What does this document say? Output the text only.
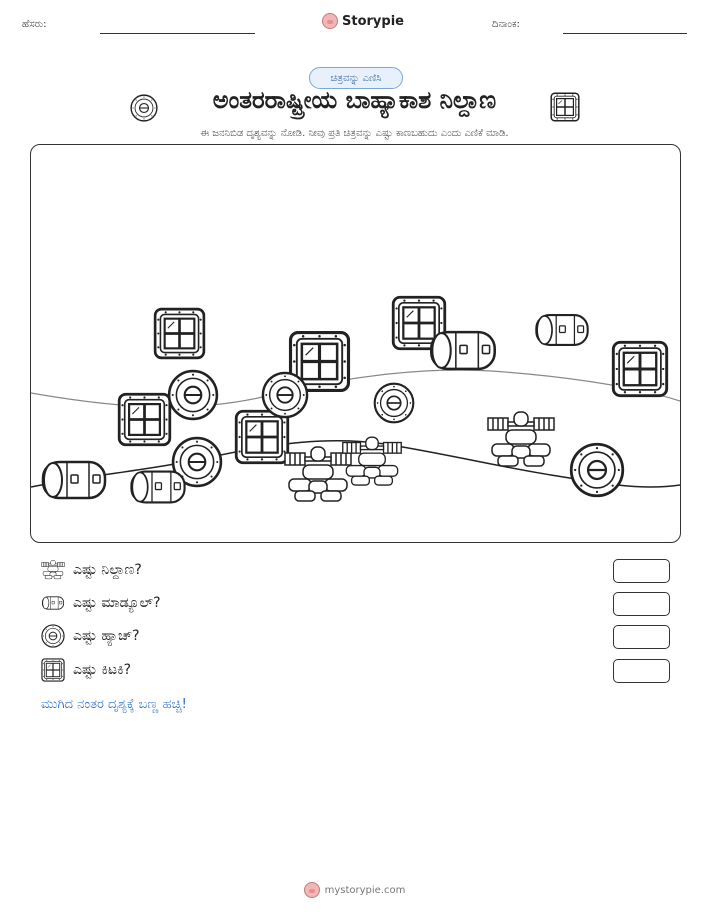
ಹೆಸರು:	Storypie	ದಿನಾಂಕ:
ಚಿತ್ರವನ್ನು ಎಣಿಸಿ
ಅಂತರರಾಷ್ಟ್ರೀಯ ಬಾಹ್ಯಾಕಾಶ ನಿಲ್ದಾಣ
ಈ ಜನನಿಬಿಡ ದೃಶ್ಯವನ್ನು ನೋಡಿ. ನೀವು ಪ್ರತಿ ಚಿತ್ರವನ್ನು ಎಷ್ಟು ಕಾಣಬಹುದು ಎಂದು ಎಣಿಕೆ ಮಾಡಿ.
ಎಷ್ಟು ನಿಲ್ದಾಣ?
ಎಷ್ಟು ಮಾಡ್ಯೂಲ್?
ಎಷ್ಟು ಹ್ಯಾಚ್?
ಎಷ್ಟು ಕಿಟಕಿ?
ಮುಗಿದ ನಂತರ ದೃಶ್ಯಕ್ಕೆ ಬಣ್ಣ ಹಚ್ಚಿ!
mystorypie.com
